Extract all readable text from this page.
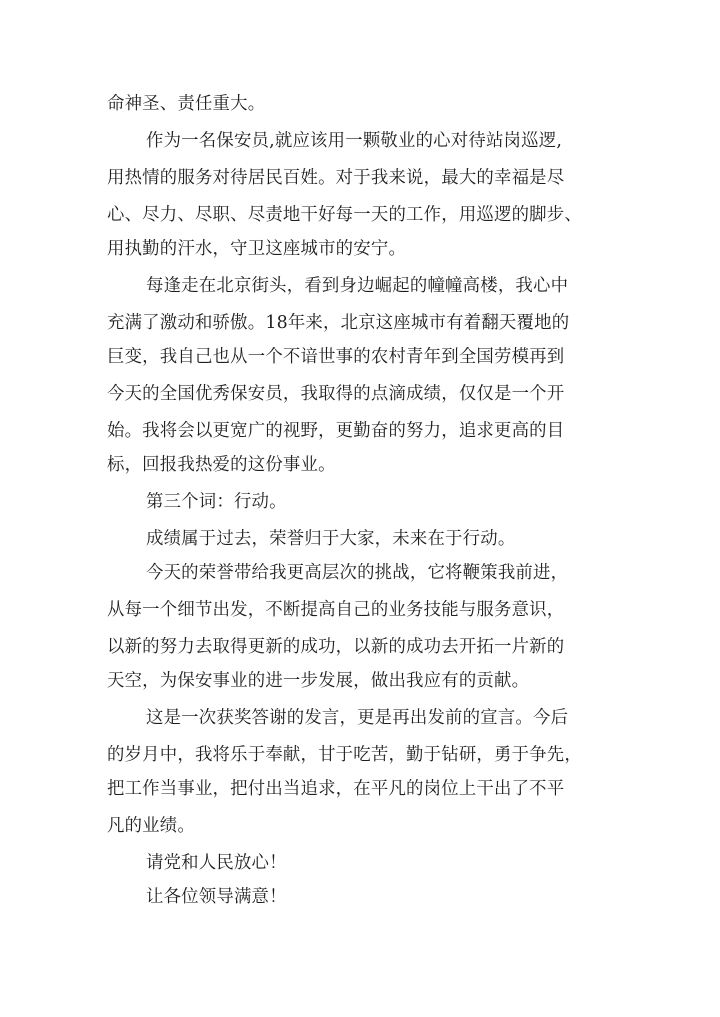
命神圣、责任重大。
作为一名保安员,就应该用一颗敬业的心对待站岗巡逻,
用热情的服务对待居民百姓。对于我来说，最大的幸福是尽
心、尽力、尽职、尽责地干好每一天的工作，用巡逻的脚步、
用执勤的汗水，守卫这座城市的安宁。
每逢走在北京街头，看到身边崛起的幢幢高楼，我心中
充满了激动和骄傲。18年来，北京这座城市有着翻天覆地的
巨变，我自己也从一个不谙世事的农村青年到全国劳模再到
今天的全国优秀保安员，我取得的点滴成绩，仅仅是一个开
始。我将会以更宽广的视野，更勤奋的努力，追求更高的目
标，回报我热爱的这份事业。
第三个词：行动。
成绩属于过去，荣誉归于大家，未来在于行动。
今天的荣誉带给我更高层次的挑战，它将鞭策我前进，
从每一个细节出发，不断提高自己的业务技能与服务意识，
以新的努力去取得更新的成功，以新的成功去开拓一片新的
天空，为保安事业的进一步发展，做出我应有的贡献。
这是一次获奖答谢的发言，更是再出发前的宣言。今后
的岁月中，我将乐于奉献，甘于吃苦，勤于钻研，勇于争先，
把工作当事业，把付出当追求，在平凡的岗位上干出了不平
凡的业绩。
请党和人民放心！
让各位领导满意！
